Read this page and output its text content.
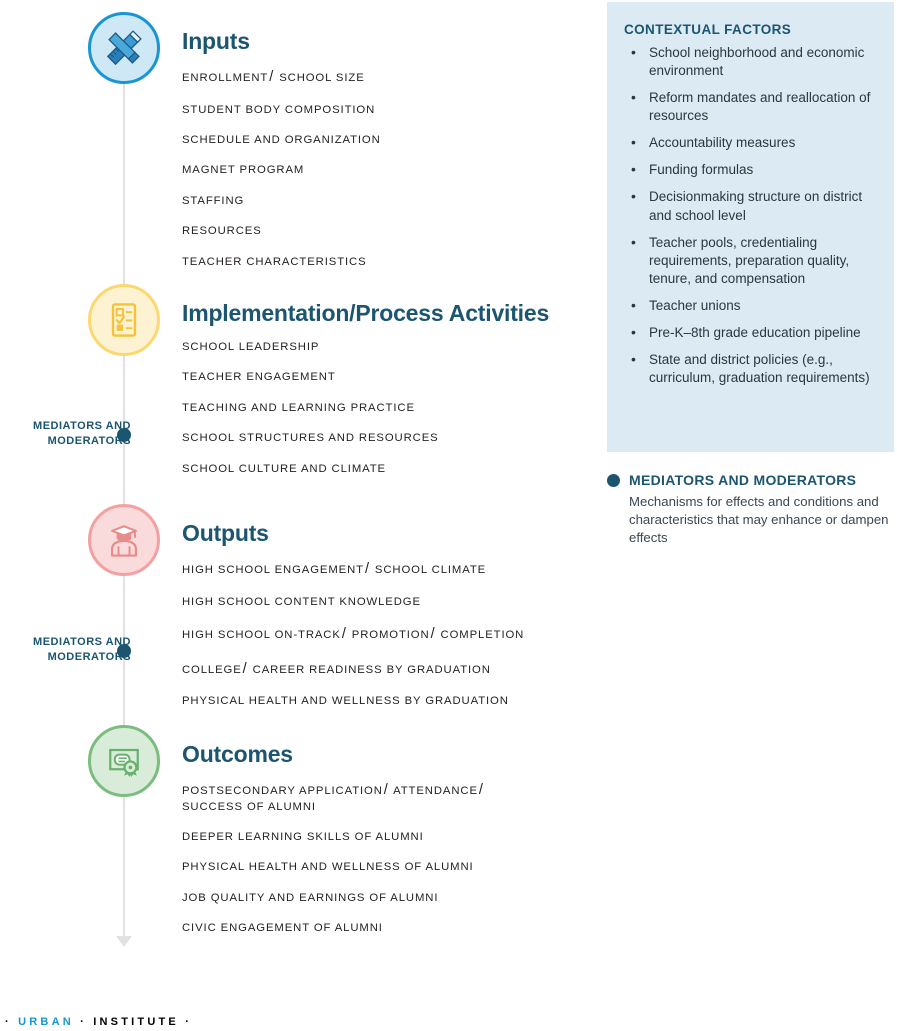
Inputs
ENROLLMENT/ SCHOOL SIZE
STUDENT BODY COMPOSITION
SCHEDULE AND ORGANIZATION
MAGNET PROGRAM
STAFFING
RESOURCES
TEACHER CHARACTERISTICS
Implementation/Process Activities
SCHOOL LEADERSHIP
TEACHER ENGAGEMENT
TEACHING AND LEARNING PRACTICE
SCHOOL STRUCTURES AND RESOURCES
SCHOOL CULTURE AND CLIMATE
Outputs
HIGH SCHOOL ENGAGEMENT/ SCHOOL CLIMATE
HIGH SCHOOL CONTENT KNOWLEDGE
HIGH SCHOOL ON-TRACK/ PROMOTION/ COMPLETION
COLLEGE/ CAREER READINESS BY GRADUATION
PHYSICAL HEALTH AND WELLNESS BY GRADUATION
Outcomes
POSTSECONDARY APPLICATION/ ATTENDANCE/ SUCCESS OF ALUMNI
DEEPER LEARNING SKILLS OF ALUMNI
PHYSICAL HEALTH AND WELLNESS OF ALUMNI
JOB QUALITY AND EARNINGS OF ALUMNI
CIVIC ENGAGEMENT OF ALUMNI
MEDIATORS AND
MODERATORS
MEDIATORS AND
MODERATORS
CONTEXTUAL FACTORS
• School neighborhood and economic environment
• Reform mandates and reallocation of resources
• Accountability measures
• Funding formulas
• Decisionmaking structure on district and school level
• Teacher pools, credentialing requirements, preparation quality, tenure, and compensation
• Teacher unions
• Pre-K–8th grade education pipeline
• State and district policies (e.g., curriculum, graduation requirements)
MEDIATORS AND MODERATORS
Mechanisms for effects and conditions and characteristics that may enhance or dampen effects
· URBAN · INSTITUTE ·
